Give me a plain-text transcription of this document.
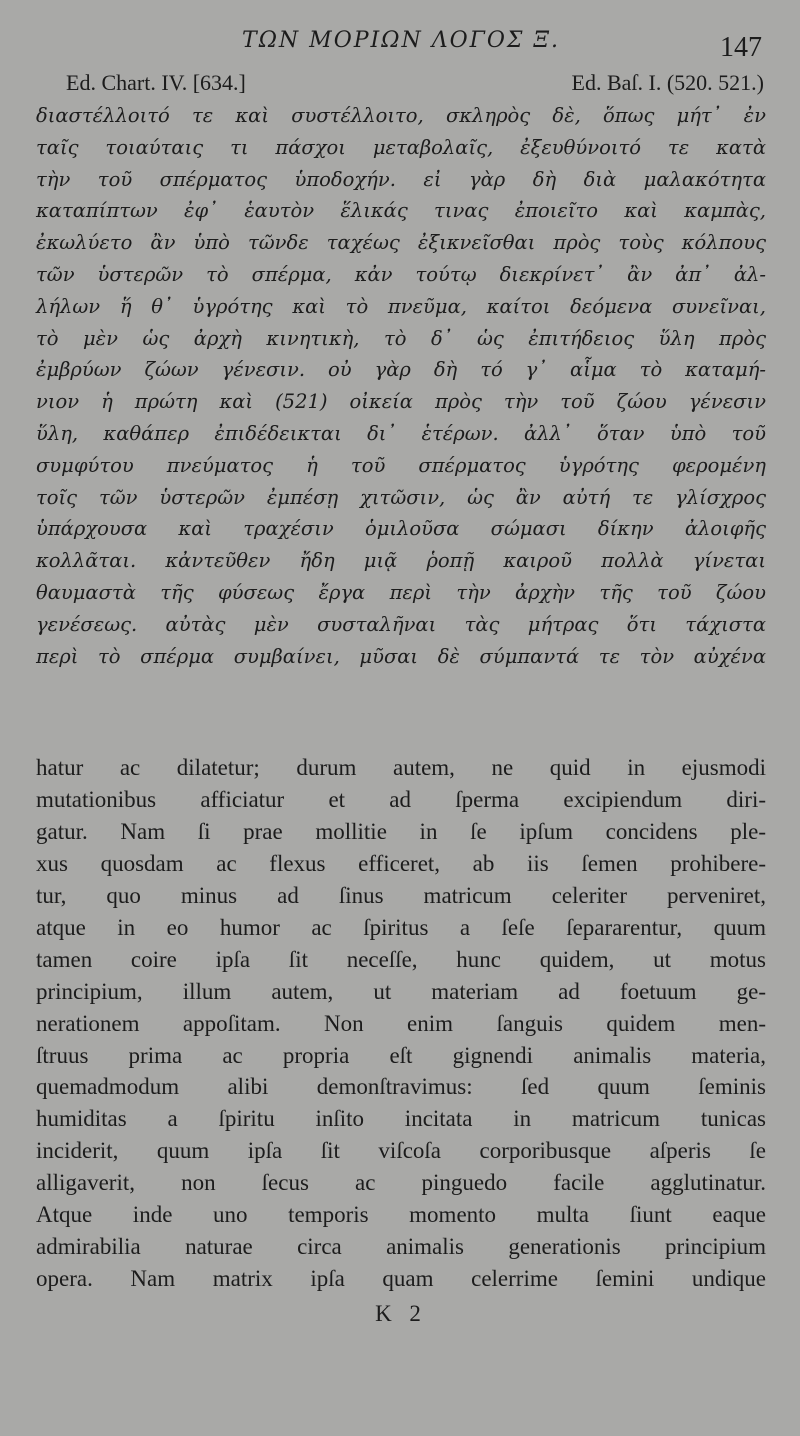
ΤΩΝ ΜΟΡΙΩΝ ΛΟΓΟΣ Ξ.	147
Ed. Chart. IV. [634.]	Ed. Baſ. I. (520. 521.)
διαστέλλοιτό τε καὶ συστέλλοιτο, σκληρὸς δὲ, ὅπως μήτ᾽ ἐν
ταῖς τοιαύταις τι πάσχοι μεταβολαῖς, ἐξευθύνοιτό τε κατὰ
τὴν τοῦ σπέρματος ὑποδοχήν. εἰ γὰρ δὴ διὰ μαλακότητα
καταπίπτων ἐφ᾽ ἑαυτὸν ἕλικάς τινας ἐποιεῖτο καὶ καμπὰς,
ἐκωλύετο ἂν ὑπὸ τῶνδε ταχέως ἐξικνεῖσθαι πρὸς τοὺς κόλπους
τῶν ὑστερῶν τὸ σπέρμα, κἀν τούτῳ διεκρίνετ᾽ ἂν ἀπ᾽ ἀλ-
λήλων ἥ θ᾽ ὑγρότης καὶ τὸ πνεῦμα, καίτοι δεόμενα συνεῖναι,
τὸ μὲν ὡς ἀρχὴ κινητικὴ, τὸ δ᾽ ὡς ἐπιτήδειος ὕλη πρὸς
ἐμβρύων ζώων γένεσιν. οὐ γὰρ δὴ τό γ᾽ αἷμα τὸ καταμή-
νιον ἡ πρώτη καὶ (521) οἰκεία πρὸς τὴν τοῦ ζώου γένεσιν
ὕλη, καθάπερ ἐπιδέδεικται δι᾽ ἑτέρων. ἀλλ᾽ ὅταν ὑπὸ τοῦ
συμφύτου πνεύματος ἡ τοῦ σπέρματος ὑγρότης φερομένη
τοῖς τῶν ὑστερῶν ἐμπέσῃ χιτῶσιν, ὡς ἂν αὐτή τε γλίσχρος
ὑπάρχουσα καὶ τραχέσιν ὁμιλοῦσα σώμασι δίκην ἀλοιφῆς
κολλᾶται. κἀντεῦθεν ἤδη μιᾷ ῥοπῇ καιροῦ πολλὰ γίνεται
θαυμαστὰ τῆς φύσεως ἔργα περὶ τὴν ἀρχὴν τῆς τοῦ ζώου
γενέσεως. αὐτὰς μὲν συσταλῆναι τὰς μήτρας ὅτι τάχιστα
περὶ τὸ σπέρμα συμβαίνει, μῦσαι δὲ σύμπαντά τε τὸν αὐχένα
hatur ac dilatetur; durum autem, ne quid in ejusmodi
mutationibus afficiatur et ad ſperma excipiendum diri-
gatur. Nam ſi prae mollitie in ſe ipſum concidens ple-
xus quosdam ac flexus efficeret, ab iis ſemen prohibere-
tur, quo minus ad ſinus matricum celeriter perveniret,
atque in eo humor ac ſpiritus a ſeſe ſepararentur, quum
tamen coire ipſa ſit neceſſe, hunc quidem, ut motus
principium, illum autem, ut materiam ad foetuum ge-
nerationem appoſitam. Non enim ſanguis quidem men-
ſtruus prima ac propria eſt gignendi animalis materia,
quemadmodum alibi demonſtravimus: ſed quum ſeminis
humiditas a ſpiritu inſito incitata in matricum tunicas
inciderit, quum ipſa ſit viſcoſa corporibusque aſperis ſe
alligaverit, non ſecus ac pinguedo facile agglutinatur.
Atque inde uno temporis momento multa ſiunt eaque
admirabilia naturae circa animalis generationis principium
opera. Nam matrix ipſa quam celerrime ſemini undique
K 2
